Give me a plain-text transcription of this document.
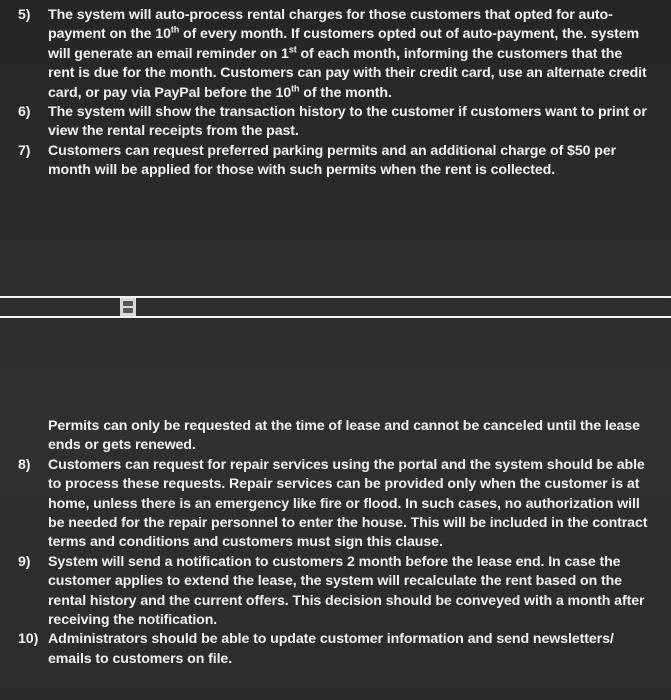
5) The system will auto-process rental charges for those customers that opted for auto-payment on the 10th of every month. If customers opted out of auto-payment, the. system will generate an email reminder on 1st of each month, informing the customers that the rent is due for the month. Customers can pay with their credit card, use an alternate credit card, or pay via PayPal before the 10th of the month.
6) The system will show the transaction history to the customer if customers want to print or view the rental receipts from the past.
7) Customers can request preferred parking permits and an additional charge of $50 per month will be applied for those with such permits when the rent is collected.
Permits can only be requested at the time of lease and cannot be canceled until the lease ends or gets renewed.
8) Customers can request for repair services using the portal and the system should be able to process these requests. Repair services can be provided only when the customer is at home, unless there is an emergency like fire or flood. In such cases, no authorization will be needed for the repair personnel to enter the house. This will be included in the contract terms and conditions and customers must sign this clause.
9) System will send a notification to customers 2 month before the lease end. In case the customer applies to extend the lease, the system will recalculate the rent based on the rental history and the current offers. This decision should be conveyed with a month after receiving the notification.
10) Administrators should be able to update customer information and send newsletters/ emails to customers on file.
